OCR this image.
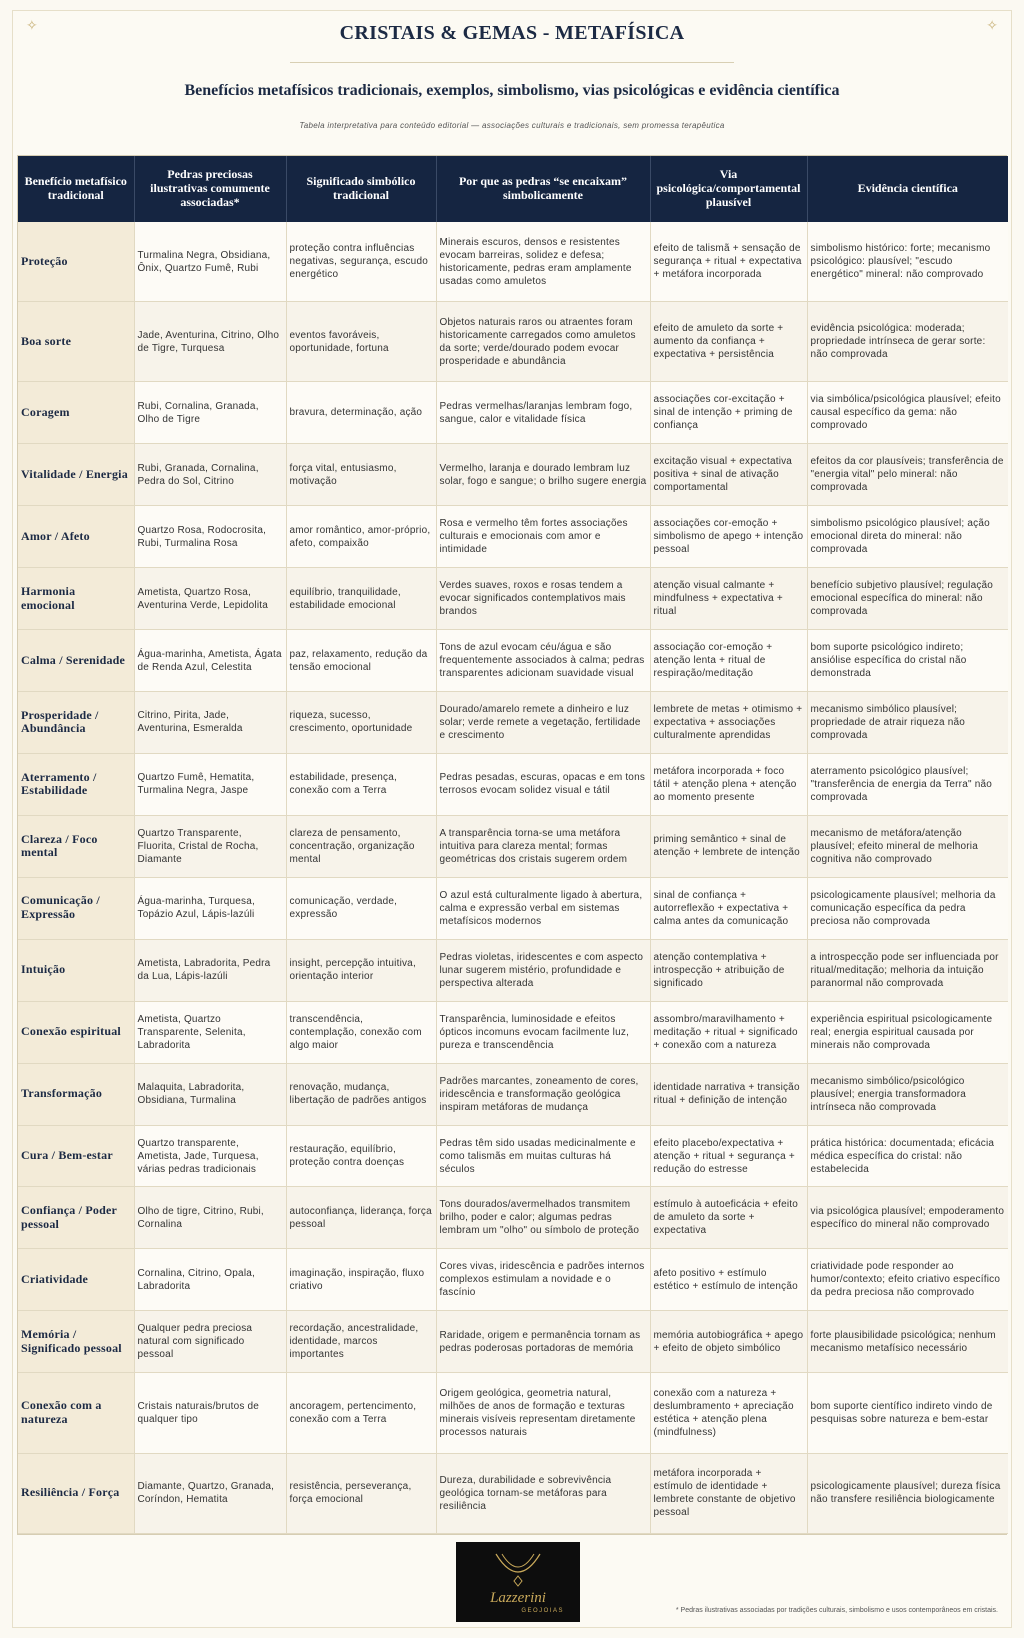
✧	✧
CRISTAIS & GEMAS - METAFÍSICA
Benefícios metafísicos tradicionais, exemplos, simbolismo, vias psicológicas e evidência científica

Tabela interpretativa para conteúdo editorial — associações culturais e tradicionais, sem promessa terapêutica

Benefício metafísico tradicional	Pedras preciosas ilustrativas comumente associadas*	Significado simbólico tradicional	Por que as pedras “se encaixam” simbolicamente	Via psicológica/comportamental plausível	Evidência científica
Proteção	Turmalina Negra, Obsidiana, Ônix, Quartzo Fumê, Rubi	proteção contra influências negativas, segurança, escudo energético	Minerais escuros, densos e resistentes evocam barreiras, solidez e defesa; historicamente, pedras eram amplamente usadas como amuletos	efeito de talismã + sensação de segurança + ritual + expectativa + metáfora incorporada	simbolismo histórico: forte; mecanismo psicológico: plausível; "escudo energético" mineral: não comprovado
Boa sorte	Jade, Aventurina, Citrino, Olho de Tigre, Turquesa	eventos favoráveis, oportunidade, fortuna	Objetos naturais raros ou atraentes foram historicamente carregados como amuletos da sorte; verde/dourado podem evocar prosperidade e abundância	efeito de amuleto da sorte + aumento da confiança + expectativa + persistência	evidência psicológica: moderada; propriedade intrínseca de gerar sorte: não comprovada
Coragem	Rubi, Cornalina, Granada, Olho de Tigre	bravura, determinação, ação	Pedras vermelhas/laranjas lembram fogo, sangue, calor e vitalidade física	associações cor-excitação + sinal de intenção + priming de confiança	via simbólica/psicológica plausível; efeito causal específico da gema: não comprovado
Vitalidade / Energia	Rubi, Granada, Cornalina, Pedra do Sol, Citrino	força vital, entusiasmo, motivação	Vermelho, laranja e dourado lembram luz solar, fogo e sangue; o brilho sugere energia	excitação visual + expectativa positiva + sinal de ativação comportamental	efeitos da cor plausíveis; transferência de "energia vital" pelo mineral: não comprovada
Amor / Afeto	Quartzo Rosa, Rodocrosita, Rubi, Turmalina Rosa	amor romântico, amor-próprio, afeto, compaixão	Rosa e vermelho têm fortes associações culturais e emocionais com amor e intimidade	associações cor-emoção + simbolismo de apego + intenção pessoal	simbolismo psicológico plausível; ação emocional direta do mineral: não comprovada
Harmonia emocional	Ametista, Quartzo Rosa, Aventurina Verde, Lepidolita	equilíbrio, tranquilidade, estabilidade emocional	Verdes suaves, roxos e rosas tendem a evocar significados contemplativos mais brandos	atenção visual calmante + mindfulness + expectativa + ritual	benefício subjetivo plausível; regulação emocional específica do mineral: não comprovada
Calma / Serenidade	Água-marinha, Ametista, Ágata de Renda Azul, Celestita	paz, relaxamento, redução da tensão emocional	Tons de azul evocam céu/água e são frequentemente associados à calma; pedras transparentes adicionam suavidade visual	associação cor-emoção + atenção lenta + ritual de respiração/meditação	bom suporte psicológico indireto; ansiólise específica do cristal não demonstrada
Prosperidade / Abundância	Citrino, Pirita, Jade, Aventurina, Esmeralda	riqueza, sucesso, crescimento, oportunidade	Dourado/amarelo remete a dinheiro e luz solar; verde remete a vegetação, fertilidade e crescimento	lembrete de metas + otimismo + expectativa + associações culturalmente aprendidas	mecanismo simbólico plausível; propriedade de atrair riqueza não comprovada
Aterramento / Estabilidade	Quartzo Fumê, Hematita, Turmalina Negra, Jaspe	estabilidade, presença, conexão com a Terra	Pedras pesadas, escuras, opacas e em tons terrosos evocam solidez visual e tátil	metáfora incorporada + foco tátil + atenção plena + atenção ao momento presente	aterramento psicológico plausível; "transferência de energia da Terra" não comprovada
Clareza / Foco mental	Quartzo Transparente, Fluorita, Cristal de Rocha, Diamante	clareza de pensamento, concentração, organização mental	A transparência torna-se uma metáfora intuitiva para clareza mental; formas geométricas dos cristais sugerem ordem	priming semântico + sinal de atenção + lembrete de intenção	mecanismo de metáfora/atenção plausível; efeito mineral de melhoria cognitiva não comprovado
Comunicação / Expressão	Água-marinha, Turquesa, Topázio Azul, Lápis-lazúli	comunicação, verdade, expressão	O azul está culturalmente ligado à abertura, calma e expressão verbal em sistemas metafísicos modernos	sinal de confiança + autorreflexão + expectativa + calma antes da comunicação	psicologicamente plausível; melhoria da comunicação específica da pedra preciosa não comprovada
Intuição	Ametista, Labradorita, Pedra da Lua, Lápis-lazúli	insight, percepção intuitiva, orientação interior	Pedras violetas, iridescentes e com aspecto lunar sugerem mistério, profundidade e perspectiva alterada	atenção contemplativa + introspecção + atribuição de significado	a introspecção pode ser influenciada por ritual/meditação; melhoria da intuição paranormal não comprovada
Conexão espiritual	Ametista, Quartzo Transparente, Selenita, Labradorita	transcendência, contemplação, conexão com algo maior	Transparência, luminosidade e efeitos ópticos incomuns evocam facilmente luz, pureza e transcendência	assombro/maravilhamento + meditação + ritual + significado + conexão com a natureza	experiência espiritual psicologicamente real; energia espiritual causada por minerais não comprovada
Transformação	Malaquita, Labradorita, Obsidiana, Turmalina	renovação, mudança, libertação de padrões antigos	Padrões marcantes, zoneamento de cores, iridescência e transformação geológica inspiram metáforas de mudança	identidade narrativa + transição ritual + definição de intenção	mecanismo simbólico/psicológico plausível; energia transformadora intrínseca não comprovada
Cura / Bem-estar	Quartzo transparente, Ametista, Jade, Turquesa, várias pedras tradicionais	restauração, equilíbrio, proteção contra doenças	Pedras têm sido usadas medicinalmente e como talismãs em muitas culturas há séculos	efeito placebo/expectativa + atenção + ritual + segurança + redução do estresse	prática histórica: documentada; eficácia médica específica do cristal: não estabelecida
Confiança / Poder pessoal	Olho de tigre, Citrino, Rubi, Cornalina	autoconfiança, liderança, força pessoal	Tons dourados/avermelhados transmitem brilho, poder e calor; algumas pedras lembram um "olho" ou símbolo de proteção	estímulo à autoeficácia + efeito de amuleto da sorte + expectativa	via psicológica plausível; empoderamento específico do mineral não comprovado
Criatividade	Cornalina, Citrino, Opala, Labradorita	imaginação, inspiração, fluxo criativo	Cores vivas, iridescência e padrões internos complexos estimulam a novidade e o fascínio	afeto positivo + estímulo estético + estímulo de intenção	criatividade pode responder ao humor/contexto; efeito criativo específico da pedra preciosa não comprovado
Memória / Significado pessoal	Qualquer pedra preciosa natural com significado pessoal	recordação, ancestralidade, identidade, marcos importantes	Raridade, origem e permanência tornam as pedras poderosas portadoras de memória	memória autobiográfica + apego + efeito de objeto simbólico	forte plausibilidade psicológica; nenhum mecanismo metafísico necessário
Conexão com a natureza	Cristais naturais/brutos de qualquer tipo	ancoragem, pertencimento, conexão com a Terra	Origem geológica, geometria natural, milhões de anos de formação e texturas minerais visíveis representam diretamente processos naturais	conexão com a natureza + deslumbramento + apreciação estética + atenção plena (mindfulness)	bom suporte científico indireto vindo de pesquisas sobre natureza e bem-estar
Resiliência / Força	Diamante, Quartzo, Granada, Coríndon, Hematita	resistência, perseverança, força emocional	Dureza, durabilidade e sobrevivência geológica tornam-se metáforas para resiliência	metáfora incorporada + estímulo de identidade + lembrete constante de objetivo pessoal	psicologicamente plausível; dureza física não transfere resiliência biologicamente
Lazzerini
GEOJOIAS	* Pedras ilustrativas associadas por tradições culturais, simbolismo e usos contemporâneos em cristais.
